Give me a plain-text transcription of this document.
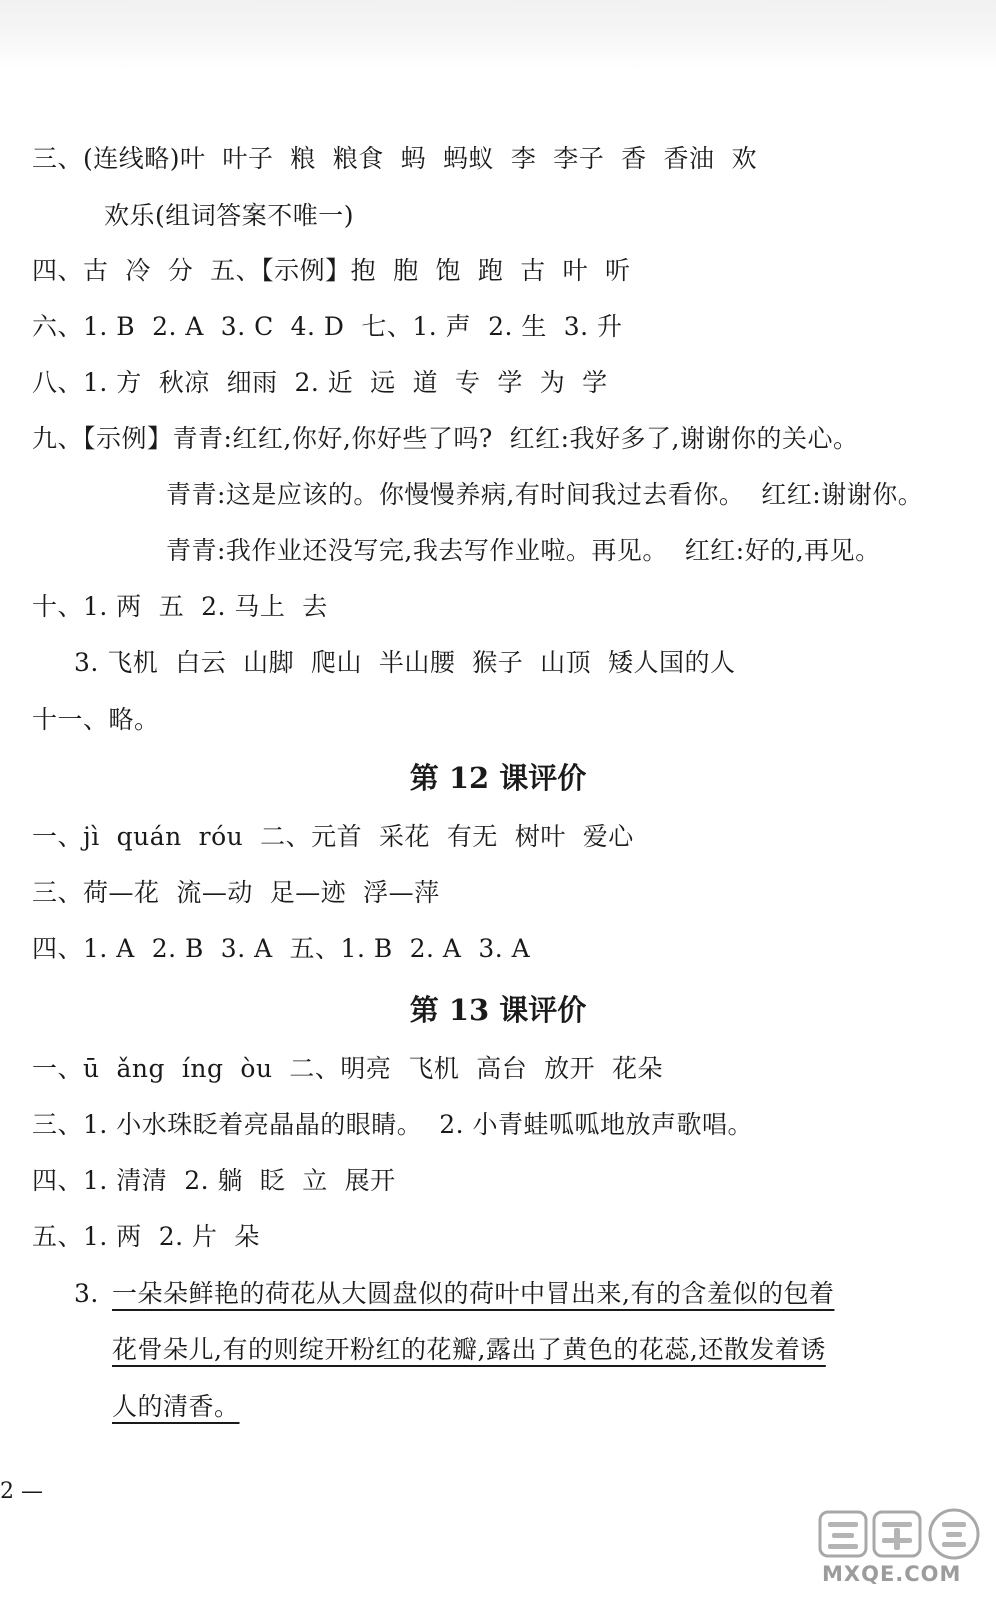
三、(连线略)叶  叶子  粮  粮食  蚂  蚂蚁  李  李子  香  香油  欢
欢乐(组词答案不唯一)
四、古  冷  分  五、【示例】抱  胞  饱  跑  古  叶  听
六、1. B  2. A  3. C  4. D  七、1. 声  2. 生  3. 升
八、1. 方  秋凉  细雨  2. 近  远  道  专  学  为  学
九、【示例】青青:红红,你好,你好些了吗?  红红:我好多了,谢谢你的关心。
青青:这是应该的。你慢慢养病,有时间我过去看你。  红红:谢谢你。
青青:我作业还没写完,我去写作业啦。再见。  红红:好的,再见。
十、1. 两  五  2. 马上  去
3. 飞机  白云  山脚  爬山  半山腰  猴子  山顶  矮人国的人
十一、略。
第 12 课评价
一、jì  quán  róu  二、元首  采花  有无  树叶  爱心
三、荷—花  流—动  足—迹  浮—萍
四、1. A  2. B  3. A  五、1. B  2. A  3. A
第 13 课评价
一、ū  ǎng  íng  òu  二、明亮  飞机  高台  放开  花朵
三、1. 小水珠眨着亮晶晶的眼睛。  2. 小青蛙呱呱地放声歌唱。
四、1. 清清  2. 躺  眨  立  展开
五、1. 两  2. 片  朵
3. 一朵朵鲜艳的荷花从大圆盘似的荷叶中冒出来,有的含羞似的包着
花骨朵儿,有的则绽开粉红的花瓣,露出了黄色的花蕊,还散发着诱
人的清香。
2 —
MXQE.COM
